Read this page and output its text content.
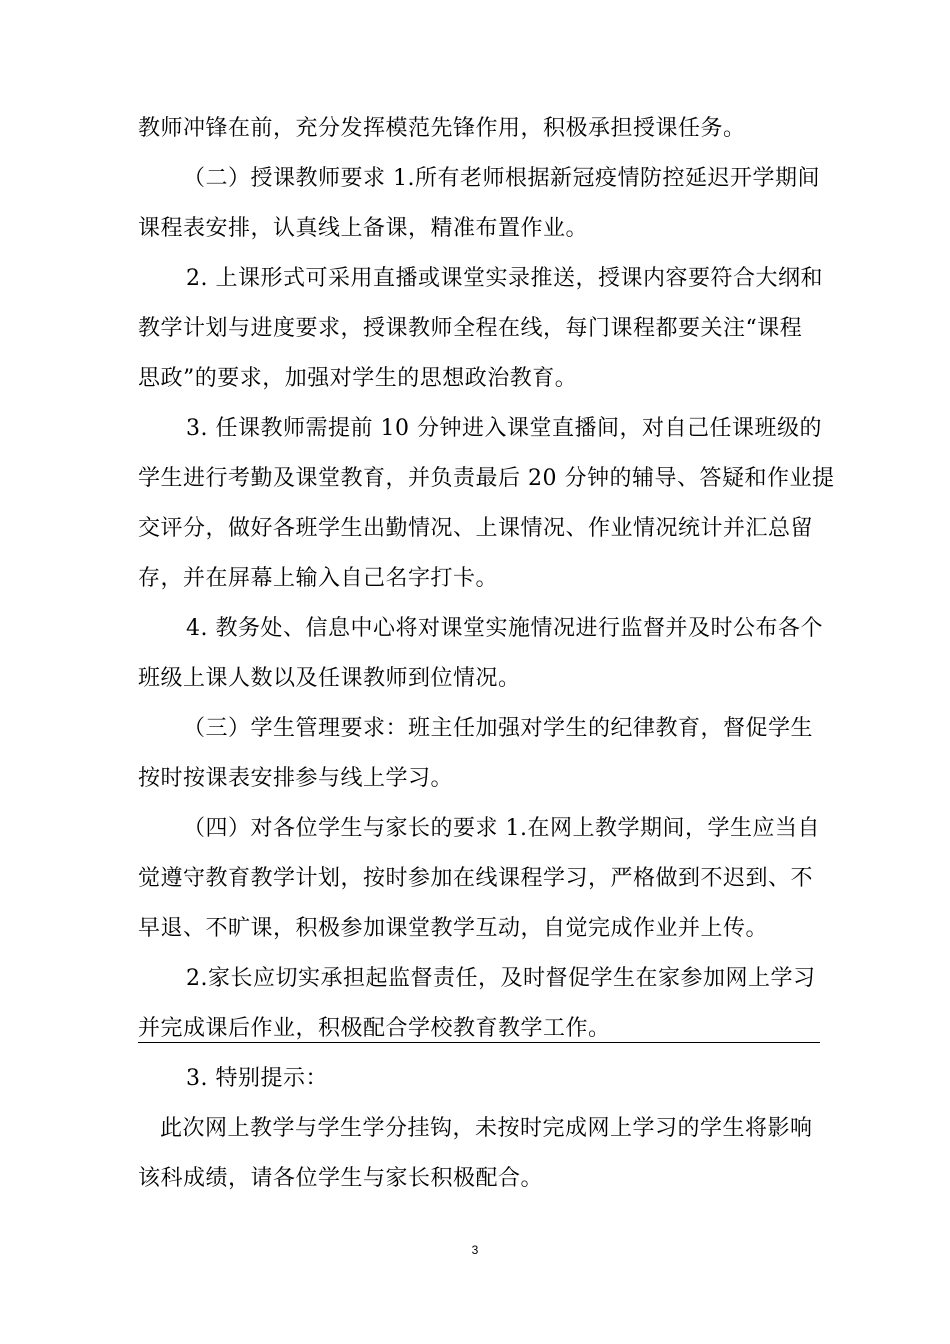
教师冲锋在前，充分发挥模范先锋作用，积极承担授课任务。
（二）授课教师要求 1.所有老师根据新冠疫情防控延迟开学期间
课程表安排，认真线上备课，精准布置作业。
2. 上课形式可采用直播或课堂实录推送，授课内容要符合大纲和
教学计划与进度要求，授课教师全程在线，每门课程都要关注“课程
思政”的要求，加强对学生的思想政治教育。
3. 任课教师需提前 10 分钟进入课堂直播间，对自己任课班级的
学生进行考勤及课堂教育，并负责最后 20 分钟的辅导、答疑和作业提
交评分，做好各班学生出勤情况、上课情况、作业情况统计并汇总留
存，并在屏幕上输入自己名字打卡。
4. 教务处、信息中心将对课堂实施情况进行监督并及时公布各个
班级上课人数以及任课教师到位情况。
（三）学生管理要求：班主任加强对学生的纪律教育，督促学生
按时按课表安排参与线上学习。
（四）对各位学生与家长的要求 1.在网上教学期间，学生应当自
觉遵守教育教学计划，按时参加在线课程学习，严格做到不迟到、不
早退、不旷课，积极参加课堂教学互动，自觉完成作业并上传。
2.家长应切实承担起监督责任，及时督促学生在家参加网上学习
并完成课后作业，积极配合学校教育教学工作。
3. 特别提示：
此次网上教学与学生学分挂钩，未按时完成网上学习的学生将影响
该科成绩，请各位学生与家长积极配合。
3
